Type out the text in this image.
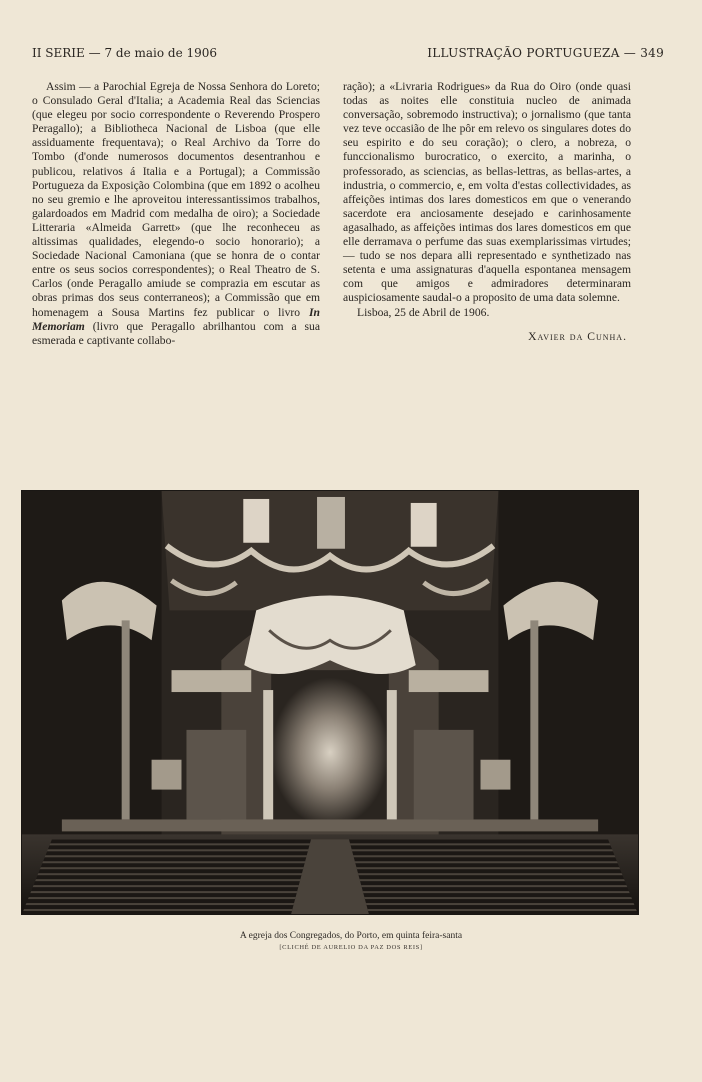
II SERIE — 7 de maio de 1906	ILLUSTRAÇÃO PORTUGUEZA — 349

Assim — a Parochial Egreja de Nossa Senhora do Loreto; o Consulado Geral d'Italia; a Academia Real das Sciencias (que elegeu por socio correspondente o Reverendo Prospero Peragallo); a Bibliotheca Nacional de Lisboa (que elle assiduamente frequentava); o Real Archivo da Torre do Tombo (d'onde numerosos documentos desentranhou e publicou, relativos á Italia e a Portugal); a Commissão Portugueza da Exposição Colombina (que em 1892 o acolheu no seu gremio e lhe aproveitou interessantissimos trabalhos, galardoados em Madrid com medalha de oiro); a Sociedade Litteraria «Almeida Garrett» (que lhe reconheceu as altissimas qualidades, elegendo-o socio honorario); a Sociedade Nacional Camoniana (que se honra de o contar entre os seus socios correspondentes); o Real Theatro de S. Carlos (onde Peragallo amiude se comprazia em escutar as obras primas dos seus conterraneos); a Commissão que em homenagem a Sousa Martins fez publicar o livro In Memoriam (livro que Peragallo abrilhantou com a sua esmerada e captivante collabo-

ração); a «Livraria Rodrigues» da Rua do Oiro (onde quasi todas as noites elle constituia nucleo de animada conversação, sobremodo instructiva); o jornalismo (que tanta vez teve occasião de lhe pôr em relevo os singulares dotes do seu espirito e do seu coração); o clero, a nobreza, o funccionalismo burocratico, o exercito, a marinha, o professorado, as sciencias, as bellas-lettras, as bellas-artes, a industria, o commercio, e, em volta d'estas collectividades, as affeições intimas dos lares domesticos em que o venerando sacerdote era anciosamente desejado e carinhosamente agasalhado, as affeições intimas dos lares domesticos em que elle derramava o perfume das suas exemplarissimas virtudes; — tudo se nos depara alli representado e synthetizado nas setenta e uma assignaturas d'aquella espontanea mensagem com que amigos e admiradores determinaram auspiciosamente saudal-o a proposito de uma data solemne.

Lisboa, 25 de Abril de 1906.
Xavier da Cunha.
A egreja dos Congregados, do Porto, em quinta feira-santa
[CLICHÉ DE AURELIO DA PAZ DOS REIS]
